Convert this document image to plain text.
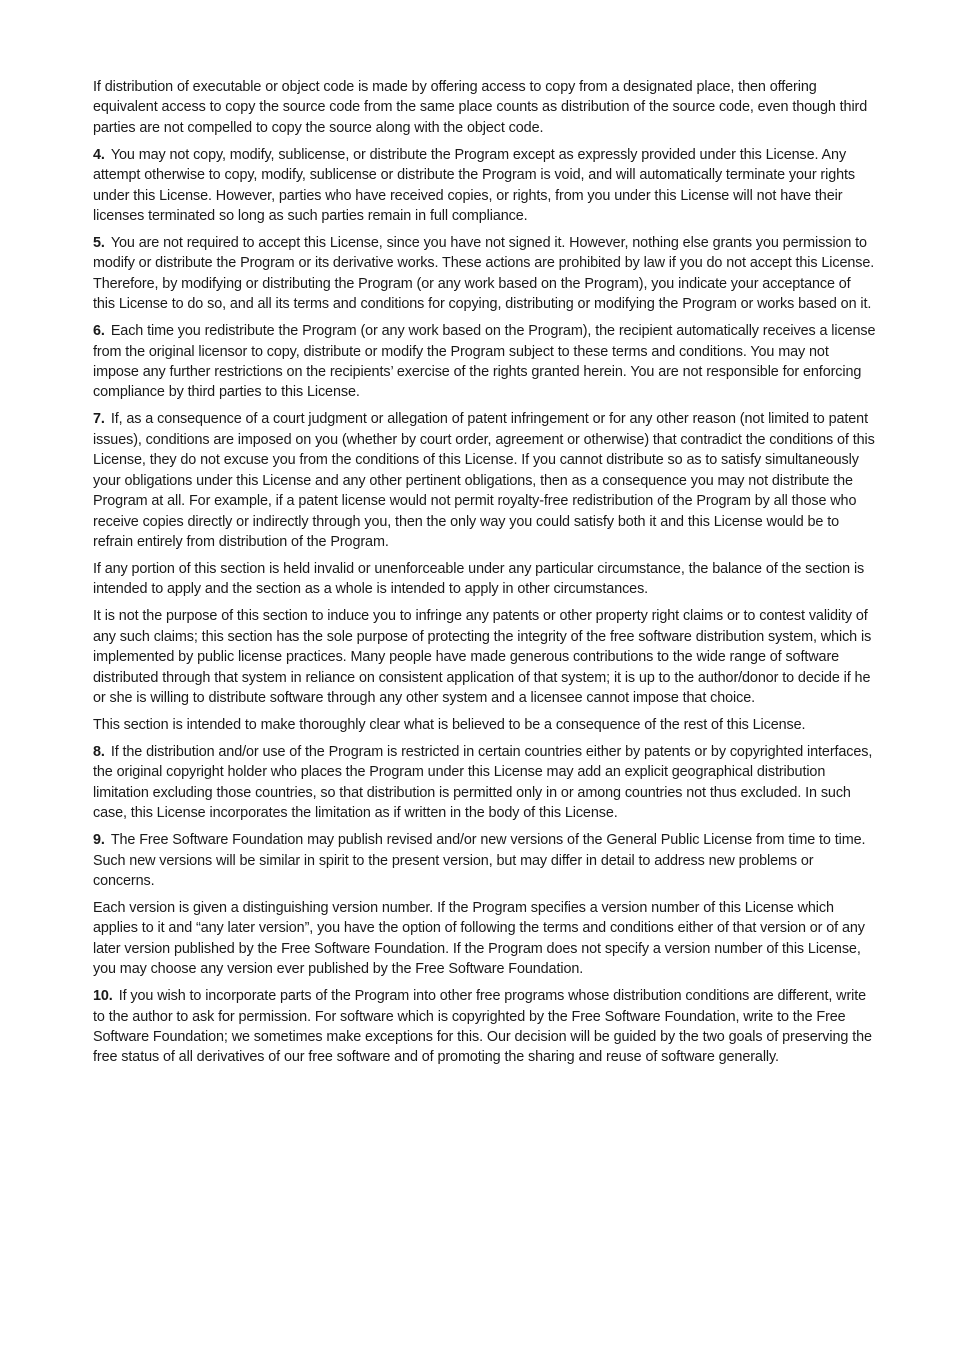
If distribution of executable or object code is made by offering access to copy from a designated place, then offering equivalent access to copy the source code from the same place counts as distribution of the source code, even though third parties are not compelled to copy the source along with the object code.

4. You may not copy, modify, sublicense, or distribute the Program except as expressly provided under this License. Any attempt otherwise to copy, modify, sublicense or distribute the Program is void, and will automatically terminate your rights under this License. However, parties who have received copies, or rights, from you under this License will not have their licenses terminated so long as such parties remain in full compliance.

5. You are not required to accept this License, since you have not signed it. However, nothing else grants you permission to modify or distribute the Program or its derivative works. These actions are prohibited by law if you do not accept this License. Therefore, by modifying or distributing the Program (or any work based on the Program), you indicate your acceptance of this License to do so, and all its terms and conditions for copying, distributing or modifying the Program or works based on it.

6. Each time you redistribute the Program (or any work based on the Program), the recipient automatically receives a license from the original licensor to copy, distribute or modify the Program subject to these terms and conditions. You may not impose any further restrictions on the recipients’ exercise of the rights granted herein. You are not responsible for enforcing compliance by third parties to this License.

7. If, as a consequence of a court judgment or allegation of patent infringement or for any other reason (not limited to patent issues), conditions are imposed on you (whether by court order, agreement or otherwise) that contradict the conditions of this License, they do not excuse you from the conditions of this License. If you cannot distribute so as to satisfy simultaneously your obligations under this License and any other pertinent obligations, then as a consequence you may not distribute the Program at all. For example, if a patent license would not permit royalty-free redistribution of the Program by all those who receive copies directly or indirectly through you, then the only way you could satisfy both it and this License would be to refrain entirely from distribution of the Program.

If any portion of this section is held invalid or unenforceable under any particular circumstance, the balance of the section is intended to apply and the section as a whole is intended to apply in other circumstances.

It is not the purpose of this section to induce you to infringe any patents or other property right claims or to contest validity of any such claims; this section has the sole purpose of protecting the integrity of the free software distribution system, which is implemented by public license practices. Many people have made generous contributions to the wide range of software distributed through that system in reliance on consistent application of that system; it is up to the author/donor to decide if he or she is willing to distribute software through any other system and a licensee cannot impose that choice.

This section is intended to make thoroughly clear what is believed to be a consequence of the rest of this License.

8. If the distribution and/or use of the Program is restricted in certain countries either by patents or by copyrighted interfaces, the original copyright holder who places the Program under this License may add an explicit geographical distribution limitation excluding those countries, so that distribution is permitted only in or among countries not thus excluded. In such case, this License incorporates the limitation as if written in the body of this License.

9. The Free Software Foundation may publish revised and/or new versions of the General Public License from time to time. Such new versions will be similar in spirit to the present version, but may differ in detail to address new problems or concerns.

Each version is given a distinguishing version number. If the Program specifies a version number of this License which applies to it and “any later version”, you have the option of following the terms and conditions either of that version or of any later version published by the Free Software Foundation. If the Program does not specify a version number of this License, you may choose any version ever published by the Free Software Foundation.

10. If you wish to incorporate parts of the Program into other free programs whose distribution conditions are different, write to the author to ask for permission. For software which is copyrighted by the Free Software Foundation, write to the Free Software Foundation; we sometimes make exceptions for this. Our decision will be guided by the two goals of preserving the free status of all derivatives of our free software and of promoting the sharing and reuse of software generally.
